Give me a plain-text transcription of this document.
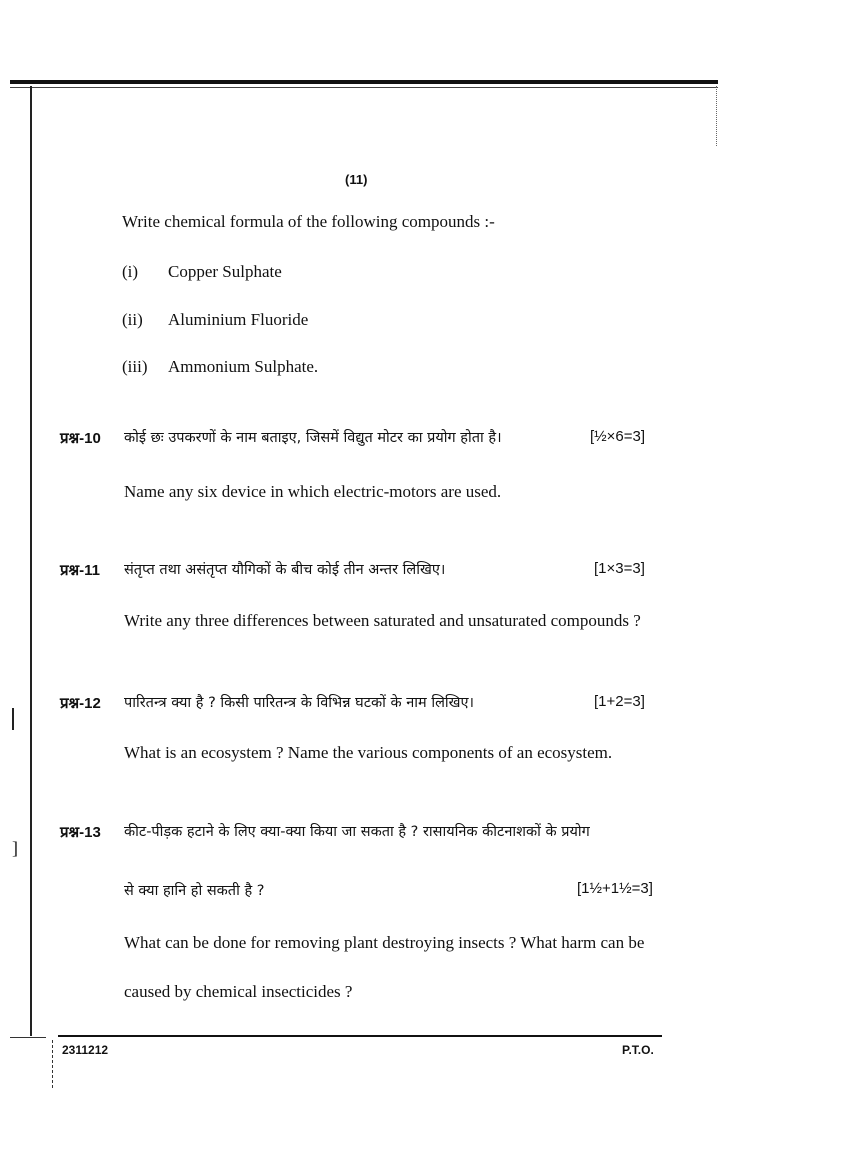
]
(11)
Write chemical formula of the following compounds :-
(i) Copper Sulphate
(ii) Aluminium Fluoride
(iii) Ammonium Sulphate.
प्रश्न-10 कोई छः उपकरणों के नाम बताइए, जिसमें विद्युत मोटर का प्रयोग होता है।	[½×6=3]
Name any six device in which electric-motors are used.
प्रश्न-11 संतृप्त तथा असंतृप्त यौगिकों के बीच कोई तीन अन्तर लिखिए।	[1×3=3]
Write any three differences between saturated and unsaturated compounds ?
प्रश्न-12 पारितन्त्र क्या है ? किसी पारितन्त्र के विभिन्न घटकों के नाम लिखिए।	[1+2=3]
What is an ecosystem ? Name the various components of an ecosystem.
प्रश्न-13 कीट-पीड़क हटाने के लिए क्या-क्या किया जा सकता है ? रासायनिक कीटनाशकों के प्रयोग
से क्या हानि हो सकती है ?	[1½+1½=3]
What can be done for removing plant destroying insects ? What harm can be
caused by chemical insecticides ?
2311212	P.T.O.
